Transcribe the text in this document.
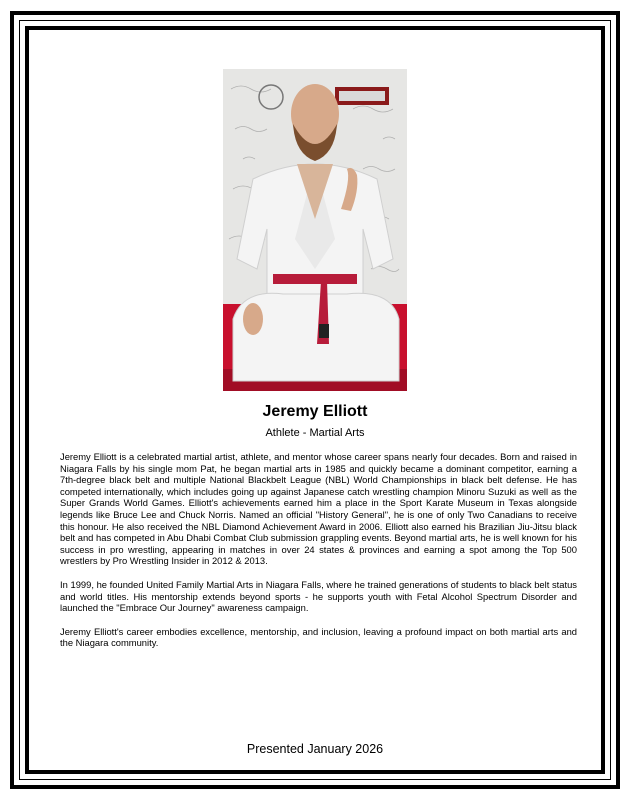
Jeremy Elliott
Athlete - Martial Arts

Jeremy Elliott is a celebrated martial artist, athlete, and mentor whose career spans nearly four decades. Born and raised in Niagara Falls by his single mom Pat, he began martial arts in 1985 and quickly became a dominant competitor, earning a 7th-degree black belt and multiple National Blackbelt League (NBL) World Championships in black belt defense. He has competed internationally, which includes going up against Japanese catch wrestling champion Minoru Suzuki as well as the Super Grands World Games. Elliott's achievements earned him a place in the Sport Karate Museum in Texas alongside legends like Bruce Lee and Chuck Norris. Named an official "History General", he is one of only Two Canadians to receive this honour. He also received the NBL Diamond Achievement Award in 2006. Elliott also earned his Brazilian Jiu-Jitsu black belt and has competed in Abu Dhabi Combat Club submission grappling events. Beyond martial arts, he is well known for his success in pro wrestling, appearing in matches in over 24 states & provinces and earning a spot among the Top 500 wrestlers by Pro Wrestling Insider in 2012 & 2013.

In 1999, he founded United Family Martial Arts in Niagara Falls, where he trained generations of students to black belt status and world titles. His mentorship extends beyond sports - he supports youth with Fetal Alcohol Spectrum Disorder and launched the "Embrace Our Journey" awareness campaign.

Jeremy Elliott's career embodies excellence, mentorship, and inclusion, leaving a profound impact on both martial arts and the Niagara community.

Presented January 2026
